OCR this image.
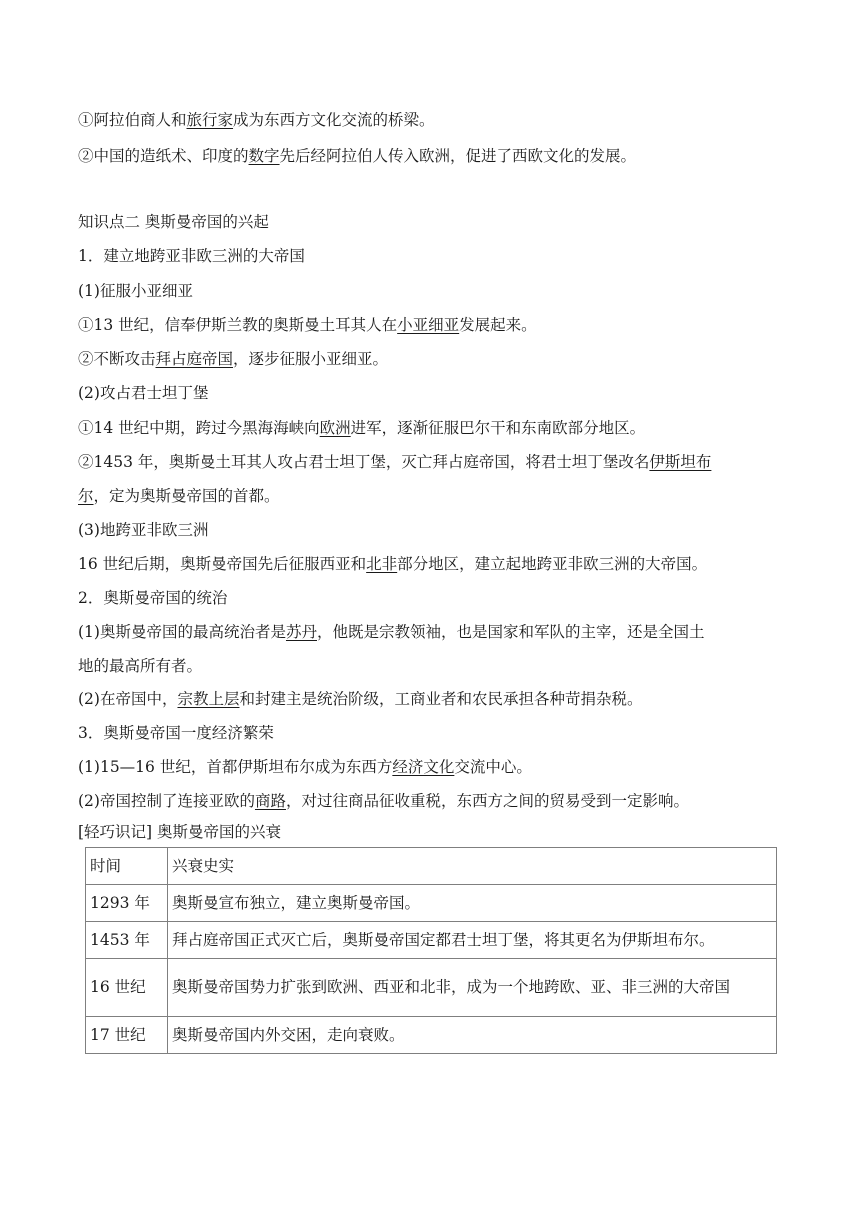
①阿拉伯商人和旅行家成为东西方文化交流的桥梁。
②中国的造纸术、印度的数字先后经阿拉伯人传入欧洲，促进了西欧文化的发展。
知识点二 奥斯曼帝国的兴起
1．建立地跨亚非欧三洲的大帝国
(1)征服小亚细亚
①13 世纪，信奉伊斯兰教的奥斯曼土耳其人在小亚细亚发展起来。
②不断攻击拜占庭帝国，逐步征服小亚细亚。
(2)攻占君士坦丁堡
①14 世纪中期，跨过今黑海海峡向欧洲进军，逐渐征服巴尔干和东南欧部分地区。
②1453 年，奥斯曼土耳其人攻占君士坦丁堡，灭亡拜占庭帝国，将君士坦丁堡改名伊斯坦布
尔，定为奥斯曼帝国的首都。
(3)地跨亚非欧三洲
16 世纪后期，奥斯曼帝国先后征服西亚和北非部分地区，建立起地跨亚非欧三洲的大帝国。
2．奥斯曼帝国的统治
(1)奥斯曼帝国的最高统治者是苏丹，他既是宗教领袖，也是国家和军队的主宰，还是全国土
地的最高所有者。
(2)在帝国中，宗教上层和封建主是统治阶级，工商业者和农民承担各种苛捐杂税。
3．奥斯曼帝国一度经济繁荣
(1)15—16 世纪，首都伊斯坦布尔成为东西方经济文化交流中心。
(2)帝国控制了连接亚欧的商路，对过往商品征收重税，东西方之间的贸易受到一定影响。
[轻巧识记] 奥斯曼帝国的兴衰
时间	兴衰史实
1293 年	奥斯曼宣布独立，建立奥斯曼帝国。
1453 年	拜占庭帝国正式灭亡后，奥斯曼帝国定都君士坦丁堡，将其更名为伊斯坦布尔。
16 世纪	奥斯曼帝国势力扩张到欧洲、西亚和北非，成为一个地跨欧、亚、非三洲的大帝国
17 世纪	奥斯曼帝国内外交困，走向衰败。
